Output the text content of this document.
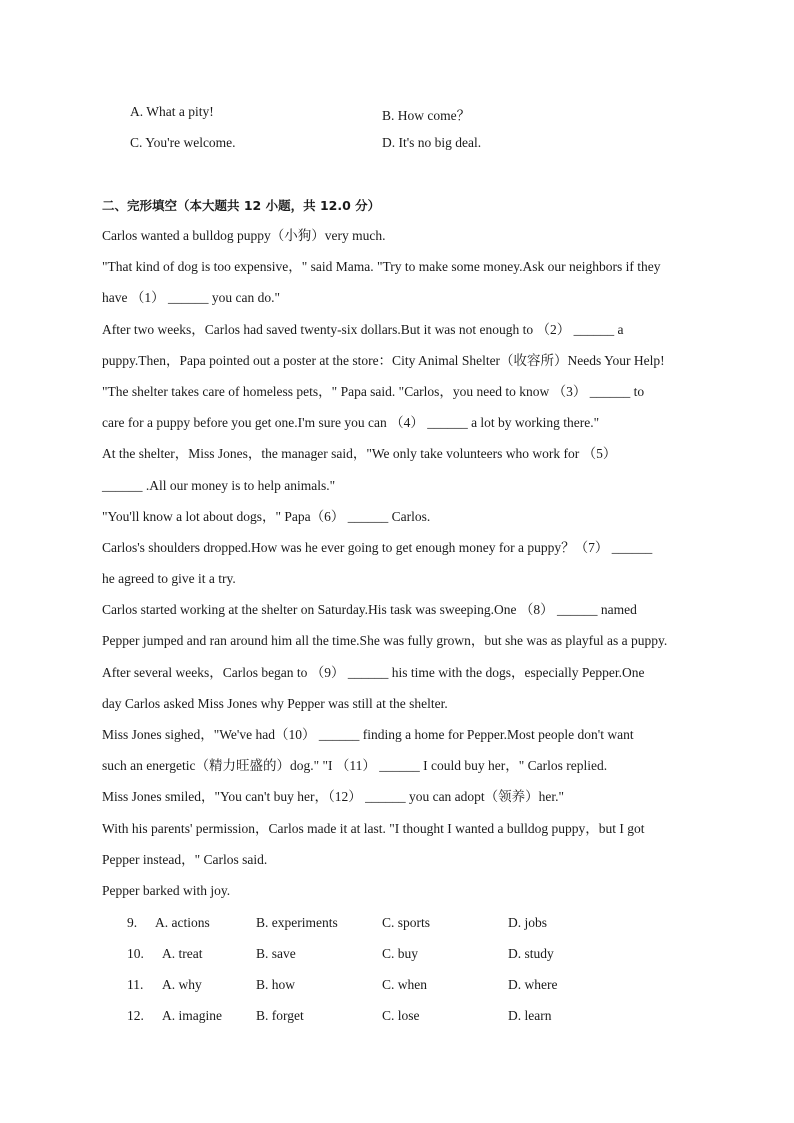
A. What a pity!	B. How come？
C. You're welcome.	D. It's no big deal.
二、完形填空（本大题共 12 小题，共 12.0 分）
Carlos wanted a bulldog puppy（小狗）very much.
"That kind of dog is too expensive，" said Mama. "Try to make some money.Ask our neighbors if they
have （1） ______ you can do."
After two weeks，Carlos had saved twenty-six dollars.But it was not enough to （2） ______ a
puppy.Then，Papa pointed out a poster at the store：City Animal Shelter（收容所）Needs Your Help!
"The shelter takes care of homeless pets，" Papa said. "Carlos，you need to know （3） ______ to
care for a puppy before you get one.I'm sure you can （4） ______ a lot by working there."
At the shelter，Miss Jones，the manager said，"We only take volunteers who work for （5）
______ .All our money is to help animals."
"You'll know a lot about dogs，" Papa（6） ______ Carlos.
Carlos's shoulders dropped.How was he ever going to get enough money for a puppy？（7） ______
he agreed to give it a try.
Carlos started working at the shelter on Saturday.His task was sweeping.One （8） ______ named
Pepper jumped and ran around him all the time.She was fully grown，but she was as playful as a puppy.
After several weeks，Carlos began to （9） ______ his time with the dogs，especially Pepper.One
day Carlos asked Miss Jones why Pepper was still at the shelter.
Miss Jones sighed，"We've had（10） ______ finding a home for Pepper.Most people don't want
such an energetic（精力旺盛的）dog." "I （11） ______ I could buy her，" Carlos replied.
Miss Jones smiled，"You can't buy her，（12） ______ you can adopt（领养）her."
With his parents' permission，Carlos made it at last. "I thought I wanted a bulldog puppy，but I got
Pepper instead，" Carlos said.
Pepper barked with joy.
9. A. actions	B. experiments	C. sports	D. jobs
10. A. treat	B. save	C. buy	D. study
11. A. why	B. how	C. when	D. where
12. A. imagine	B. forget	C. lose	D. learn
